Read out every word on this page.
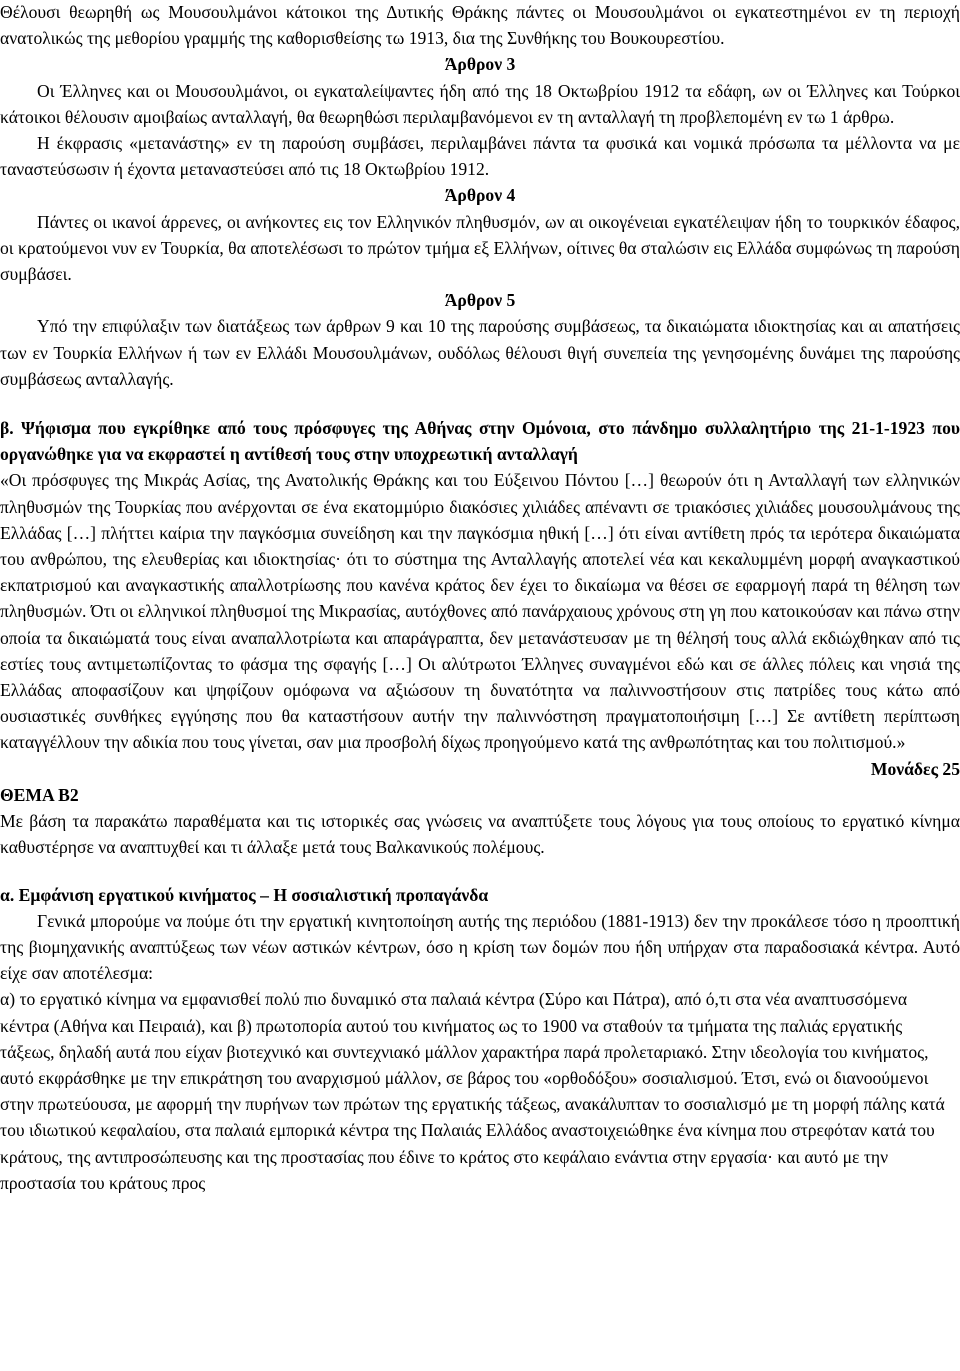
Θέλουσι θεωρηθή ως Μουσουλμάνοι κάτοικοι της Δυτικής Θράκης πάντες οι Μουσουλμάνοι οι εγκατεστημένοι εν τη περιοχή ανατολικώς της μεθορίου γραμμής της καθορισθείσης τω 1913, δια της Συνθήκης του Βουκουρεστίου.

Άρθρον 3

Οι Έλληνες και οι Μουσουλμάνοι, οι εγκαταλείψαντες ήδη από της 18 Οκτωβρίου 1912 τα εδάφη, ων οι Έλληνες και Τούρκοι κάτοικοι θέλουσιν αμοιβαίως ανταλλαγή, θα θεωρηθώσι περιλαμβανόμενοι εν τη ανταλλαγή τη προβλεπομένη εν τω 1 άρθρω.

Η έκφρασις «μετανάστης» εν τη παρούση συμβάσει, περιλαμβάνει πάντα τα φυσικά και νομικά πρόσωπα τα μέλλοντα να με ταναστεύσωσιν ή έχοντα μεταναστεύσει από τις 18 Οκτωβρίου 1912.

Άρθρον 4

Πάντες οι ικανοί άρρενες, οι ανήκοντες εις τον Ελληνικόν πληθυσμόν, ων αι οικογένειαι εγκατέλειψαν ήδη το τουρκικόν έδαφος, οι κρατούμενοι νυν εν Τουρκία, θα αποτελέσωσι το πρώτον τμήμα εξ Ελλήνων, οίτινες θα σταλώσιν εις Ελλάδα συμφώνως τη παρούση συμβάσει.

Άρθρον 5

Υπό την επιφύλαξιν των διατάξεως των άρθρων 9 και 10 της παρούσης συμβάσεως, τα δικαιώματα ιδιοκτησίας και αι απατήσεις των εν Τουρκία Ελλήνων ή των εν Ελλάδι Μουσουλμάνων, ουδόλως θέλουσι θιγή συνεπεία της γενησομένης δυνάμει της παρούσης συμβάσεως ανταλλαγής.

β. Ψήφισμα που εγκρίθηκε από τους πρόσφυγες της Αθήνας στην Ομόνοια, στο πάνδημο συλλαλητήριο της 21-1-1923 που οργανώθηκε για να εκφραστεί η αντίθεσή τους στην υποχρεωτική ανταλλαγή

«Οι πρόσφυγες της Μικράς Ασίας, της Ανατολικής Θράκης και του Εύξεινου Πόντου […] θεωρούν ότι η Ανταλλαγή των ελληνικών πληθυσμών της Τουρκίας που ανέρχονται σε ένα εκατομμύριο διακόσιες χιλιάδες απέναντι σε τριακόσιες χιλιάδες μουσουλμάνους της Ελλάδας […] πλήττει καίρια την παγκόσμια συνείδηση και την παγκόσμια ηθική […] ότι είναι αντίθετη πρός τα ιερότερα δικαιώματα του ανθρώπου, της ελευθερίας και ιδιοκτησίας· ότι το σύστημα της Ανταλλαγής αποτελεί νέα και κεκαλυμμένη μορφή αναγκαστικού εκπατρισμού και αναγκαστικής απαλλοτρίωσης που κανένα κράτος δεν έχει το δικαίωμα να θέσει σε εφαρμογή παρά τη θέληση των πληθυσμών. Ότι οι ελληνικοί πληθυσμοί της Μικρασίας, αυτόχθονες από πανάρχαιους χρόνους στη γη που κατοικούσαν και πάνω στην οποία τα δικαιώματά τους είναι αναπαλλοτρίωτα και απαράγραπτα, δεν μετανάστευσαν με τη θέλησή τους αλλά εκδιώχθηκαν από τις εστίες τους αντιμετωπίζοντας το φάσμα της σφαγής […] Οι αλύτρωτοι Έλληνες συναγμένοι εδώ και σε άλλες πόλεις και νησιά της Ελλάδας αποφασίζουν και ψηφίζουν ομόφωνα να αξιώσουν τη δυνατότητα να παλιννοστήσουν στις πατρίδες τους κάτω από ουσιαστικές συνθήκες εγγύησης που θα καταστήσουν αυτήν την παλιννόστηση πραγματοποιήσιμη […] Σε αντίθετη περίπτωση καταγγέλλουν την αδικία που τους γίνεται, σαν μια προσβολή δίχως προηγούμενο κατά της ανθρωπότητας και του πολιτισμού.»

Μονάδες 25

ΘΕΜΑ Β2

Με βάση τα παρακάτω παραθέματα και τις ιστορικές σας γνώσεις να αναπτύξετε τους λόγους για τους οποίους το εργατικό κίνημα καθυστέρησε να αναπτυχθεί και τι άλλαξε μετά τους Βαλκανικούς πολέμους.

α. Εμφάνιση εργατικού κινήματος – Η σοσιαλιστική προπαγάνδα

Γενικά μπορούμε να πούμε ότι την εργατική κινητοποίηση αυτής της περιόδου (1881-1913) δεν την προκάλεσε τόσο η προοπτική της βιομηχανικής αναπτύξεως των νέων αστικών κέντρων, όσο η κρίση των δομών που ήδη υπήρχαν στα παραδοσιακά κέντρα. Αυτό είχε σαν αποτέλεσμα:

α) το εργατικό κίνημα να εμφανισθεί πολύ πιο δυναμικό στα παλαιά κέντρα (Σύρο και Πάτρα), από ό,τι στα νέα αναπτυσσόμενα κέντρα (Αθήνα και Πειραιά), και β) πρωτοπορία αυτού του κινήματος ως το 1900 να σταθούν τα τμήματα της παλιάς εργατικής τάξεως, δηλαδή αυτά που είχαν βιοτεχνικό και συντεχνιακό μάλλον χαρακτήρα παρά προλεταριακό. Στην ιδεολογία του κινήματος, αυτό εκφράσθηκε με την επικράτηση του αναρχισμού μάλλον, σε βάρος του «ορθοδόξου» σοσιαλισμού. Έτσι, ενώ οι διανοούμενοι στην πρωτεύουσα, με αφορμή την πυρήνων των πρώτων της εργατικής τάξεως, ανακάλυπταν το σοσιαλισμό με τη μορφή πάλης κατά του ιδιωτικού κεφαλαίου, στα παλαιά εμπορικά κέντρα της Παλαιάς Ελλάδος αναστοιχειώθηκε ένα κίνημα που στρεφόταν κατά του κράτους, της αντιπροσώπευσης και της προστασίας που έδινε το κράτος στο κεφάλαιο ενάντια στην εργασία· και αυτό με την προστασία του κράτους προς
